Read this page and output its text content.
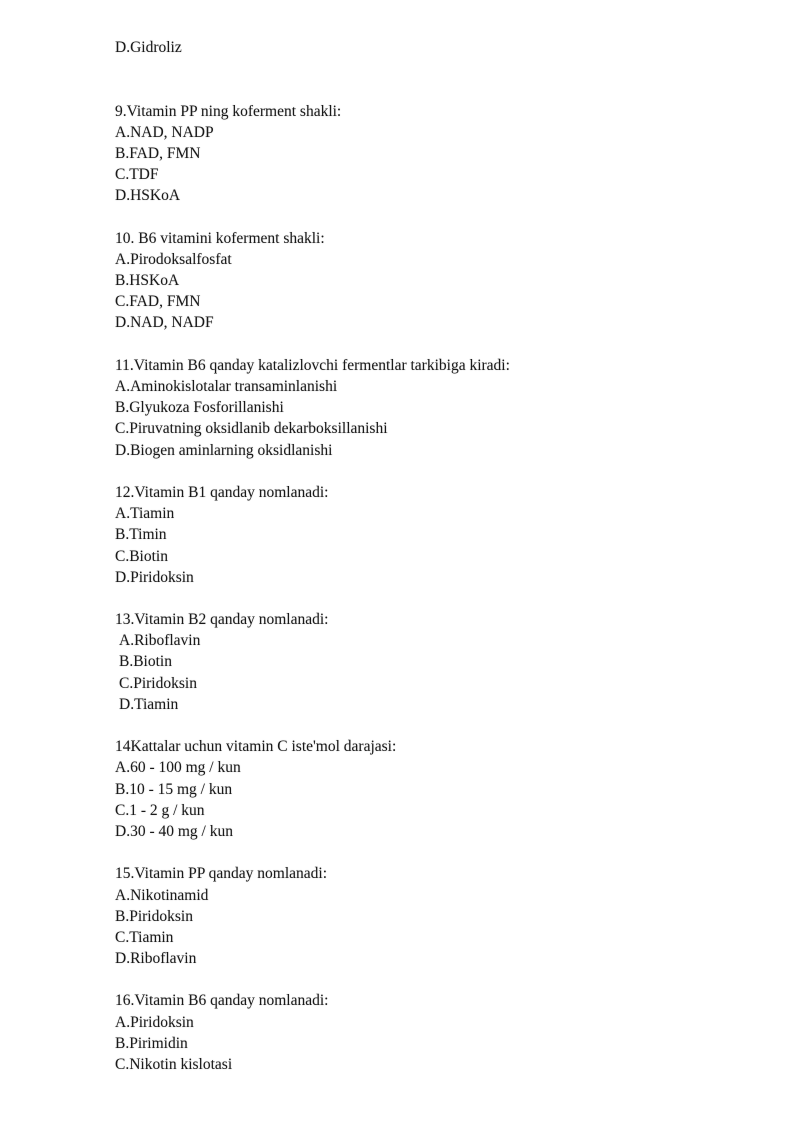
D.Gidroliz
9.Vitamin PP ning koferment shakli:
A.NAD, NADP
B.FAD, FMN
C.TDF
D.HSKoA
10. B6 vitamini koferment shakli:
A.Pirodoksalfosfat
B.HSKoA
C.FAD, FMN
D.NAD, NADF
11.Vitamin B6 qanday katalizlovchi fermentlar tarkibiga kiradi:
A.Aminokislotalar transaminlanishi
B.Glyukoza Fosforillanishi
C.Piruvatning oksidlanib dekarboksillanishi
D.Biogen aminlarning oksidlanishi
12.Vitamin B1 qanday nomlanadi:
A.Tiamin
B.Timin
C.Biotin
D.Piridoksin
13.Vitamin B2 qanday nomlanadi:
A.Riboflavin
B.Biotin
C.Piridoksin
D.Tiamin
14Kattalar uchun vitamin C iste'mol darajasi:
A.60 - 100 mg / kun
B.10 - 15 mg / kun
C.1 - 2 g / kun
D.30 - 40 mg / kun
15.Vitamin PP qanday nomlanadi:
A.Nikotinamid
B.Piridoksin
C.Tiamin
D.Riboflavin
16.Vitamin B6 qanday nomlanadi:
A.Piridoksin
B.Pirimidin
C.Nikotin kislotasi
